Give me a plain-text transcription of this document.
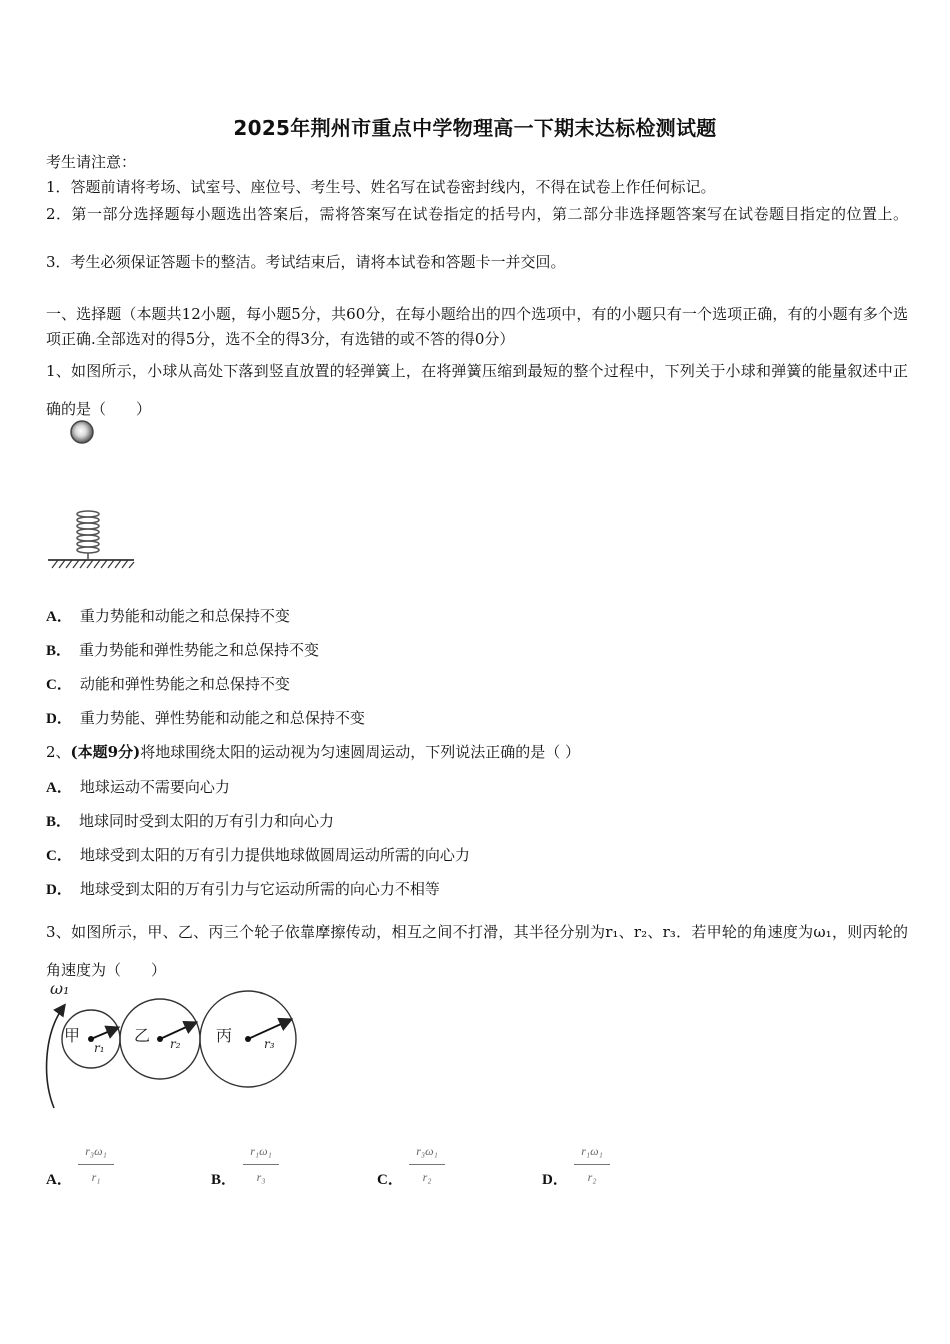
2025年荆州市重点中学物理高一下期末达标检测试题
考生请注意：
1．答题前请将考场、试室号、座位号、考生号、姓名写在试卷密封线内，不得在试卷上作任何标记。
2．第一部分选择题每小题选出答案后，需将答案写在试卷指定的括号内，第二部分非选择题答案写在试卷题目指定的位置上。
3．考生必须保证答题卡的整洁。考试结束后，请将本试卷和答题卡一并交回。
一、选择题（本题共12小题，每小题5分，共60分，在每小题给出的四个选项中，有的小题只有一个选项正确，有的小题有多个选项正确.全部选对的得5分，选不全的得3分，有选错的或不答的得0分）
1、如图所示，小球从高处下落到竖直放置的轻弹簧上，在将弹簧压缩到最短的整个过程中，下列关于小球和弹簧的能量叙述中正确的是（　　）
A． 重力势能和动能之和总保持不变
B． 重力势能和弹性势能之和总保持不变
C． 动能和弹性势能之和总保持不变
D． 重力势能、弹性势能和动能之和总保持不变
2、(本题9分)将地球围绕太阳的运动视为匀速圆周运动，下列说法正确的是（ ）
A． 地球运动不需要向心力
B． 地球同时受到太阳的万有引力和向心力
C． 地球受到太阳的万有引力提供地球做圆周运动所需的向心力
D． 地球受到太阳的万有引力与它运动所需的向心力不相等
3、如图所示，甲、乙、丙三个轮子依靠摩擦传动，相互之间不打滑，其半径分别为r₁、r₂、r₃．若甲轮的角速度为ω₁，则丙轮的角速度为（　　）
ω₁
甲
r₁
乙 r₂ 丙	r₃
A．
r₃ω₁
r₁	B．
r₁ω₁
r₃	C．
r₃ω₁
r₂	D．
r₁ω₁
r₂
